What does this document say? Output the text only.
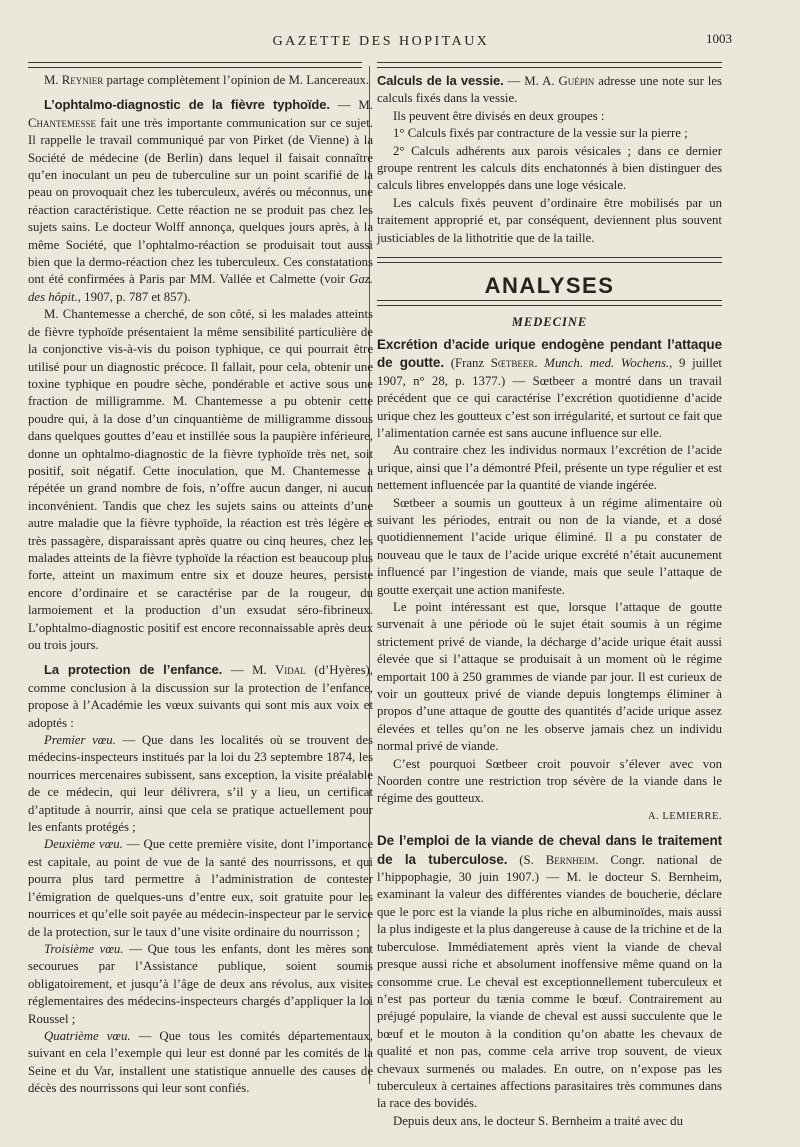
GAZETTE DES HOPITAUX	1003

M. Reynier partage complètement l’opinion de M. Lancereaux.

L’ophtalmo-diagnostic de la fièvre typhoïde. — M. Chantemesse fait une très importante communication sur ce sujet. Il rappelle le travail communiqué par von Pirket (de Vienne) à la Société de médecine (de Berlin) dans lequel il faisait connaître qu’en inoculant un peu de tuberculine sur un point scarifié de la peau on provoquait chez les tuberculeux, avérés ou méconnus, une réaction caractéristique. Cette réaction ne se produit pas chez les sujets sains. Le docteur Wolff annonça, quelques jours après, à la même Société, que l’ophtalmo-réaction se produisait tout aussi bien que la dermo-réaction chez les tuberculeux. Ces constatations ont été confirmées à Paris par MM. Vallée et Calmette (voir Gaz. des hôpit., 1907, p. 787 et 857).

M. Chantemesse a cherché, de son côté, si les malades atteints de fièvre typhoïde présentaient la même sensibilité particulière de la conjonctive vis-à-vis du poison typhique, ce qui pourrait être utilisé pour un diagnostic précoce. Il fallait, pour cela, obtenir une toxine typhique en poudre sèche, pondérable et active sous une fraction de milligramme. M. Chantemesse a pu obtenir cette poudre qui, à la dose d’un cinquantième de milligramme dissous dans quelques gouttes d’eau et instillée sous la paupière inférieure, donne un ophtalmo-diagnostic de la fièvre typhoïde très net, soit positif, soit négatif. Cette inoculation, que M. Chantemesse a répétée un grand nombre de fois, n’offre aucun danger, ni aucun inconvénient. Tandis que chez les sujets sains ou atteints d’une autre maladie que la fièvre typhoïde, la réaction est très légère et très passagère, disparaissant après quatre ou cinq heures, chez les malades atteints de la fièvre typhoïde la réaction est beaucoup plus forte, atteint un maximum entre six et douze heures, persiste encore d’ordinaire et se caractérise par de la rougeur, du larmoiement et la production d’un exsudat séro-fibrineux. L’ophtalmo-diagnostic positif est encore reconnaissable après deux ou trois jours.

La protection de l’enfance. — M. Vidal (d’Hyères), comme conclusion à la discussion sur la protection de l’enfance, propose à l’Académie les vœux suivants qui sont mis aux voix et adoptés :

Premier vœu. — Que dans les localités où se trouvent des médecins-inspecteurs institués par la loi du 23 septembre 1874, les nourrices mercenaires subissent, sans exception, la visite préalable de ce médecin, qui leur délivrera, s’il y a lieu, un certificat d’aptitude à nourrir, ainsi que cela se pratique actuellement pour les enfants protégés ;

Deuxième vœu. — Que cette première visite, dont l’importance est capitale, au point de vue de la santé des nourrissons, et qui pourra plus tard permettre à l’administration de contester l’émigration de quelques-uns d’entre eux, soit gratuite pour les nourrices et qu’elle soit payée au médecin-inspecteur par le service de la protection, sur le taux d’une visite ordinaire du nourrisson ;

Troisième vœu. — Que tous les enfants, dont les mères sont secourues par l’Assistance publique, soient soumis obligatoirement, et jusqu’à l’âge de deux ans révolus, aux visites réglementaires des médecins-inspecteurs chargés d’appliquer la loi Roussel ;

Quatrième vœu. — Que tous les comités départementaux, suivant en cela l’exemple qui leur est donné par les comités de la Seine et du Var, installent une statistique annuelle des causes de décès des nourrissons qui leur sont confiés.

Calculs de la vessie. — M. A. Guépin adresse une note sur les calculs fixés dans la vessie.

Ils peuvent être divisés en deux groupes :

1° Calculs fixés par contracture de la vessie sur la pierre ;

2° Calculs adhérents aux parois vésicales ; dans ce dernier groupe rentrent les calculs dits enchatonnés à bien distinguer des calculs libres enveloppés dans une loge vésicale.

Les calculs fixés peuvent d’ordinaire être mobilisés par un traitement approprié et, par conséquent, deviennent plus souvent justiciables de la lithotritie que de la taille.

ANALYSES
MEDECINE

Excrétion d’acide urique endogène pendant l’attaque de goutte. (Franz Sœtbeer. Munch. med. Wochens., 9 juillet 1907, n° 28, p. 1377.) — Sœtbeer a montré dans un travail précédent que ce qui caractérise l’excrétion quotidienne d’acide urique chez les goutteux c’est son irrégularité, et surtout ce fait que l’alimentation carnée est sans aucune influence sur elle.

Au contraire chez les individus normaux l’excrétion de l’acide urique, ainsi que l’a démontré Pfeil, présente un type régulier et est nettement influencée par la quantité de viande ingérée.

Sœtbeer a soumis un goutteux à un régime alimentaire où suivant les périodes, entrait ou non de la viande, et a dosé quotidiennement l’acide urique éliminé. Il a pu constater de nouveau que le taux de l’acide urique excrété n’était aucunement influencé par l’ingestion de viande, mais que seule l’attaque de goutte exerçait une action manifeste.

Le point intéressant est que, lorsque l’attaque de goutte survenait à une période où le sujet était soumis à un régime strictement privé de viande, la décharge d’acide urique était aussi élevée que si l’attaque se produisait à un moment où le régime emportait 100 à 250 grammes de viande par jour. Il est curieux de voir un goutteux privé de viande depuis longtemps éliminer à propos d’une attaque de goutte des quantités d’acide urique assez élevées et telles qu’on ne les observe jamais chez un individu normal privé de viande.

C’est pourquoi Sœtbeer croit pouvoir s’élever avec von Noorden contre une restriction trop sévère de la viande dans le régime des goutteux.

A. LEMIERRE.

De l’emploi de la viande de cheval dans le traitement de la tuberculose. (S. Bernheim. Congr. national de l’hippophagie, 30 juin 1907.) — M. le docteur S. Bernheim, examinant la valeur des différentes viandes de boucherie, déclare que le porc est la viande la plus riche en albuminoïdes, mais aussi la plus indigeste et la plus dangereuse à cause de la trichine et de la tuberculose. Immédiatement après vient la viande de cheval presque aussi riche et absolument inoffensive même quand on la consomme crue. Le cheval est exceptionnellement tuberculeux et n’est pas porteur du tænia comme le bœuf. Contrairement au préjugé populaire, la viande de cheval est aussi succulente que le bœuf et le mouton à la condition qu’on abatte les chevaux de qualité et non pas, comme cela arrive trop souvent, de vieux chevaux surmenés ou malades. En outre, on n’expose pas les tuberculeux à certaines affections parasitaires très communes dans la race des bovidés.

Depuis deux ans, le docteur S. Bernheim a traité avec du
